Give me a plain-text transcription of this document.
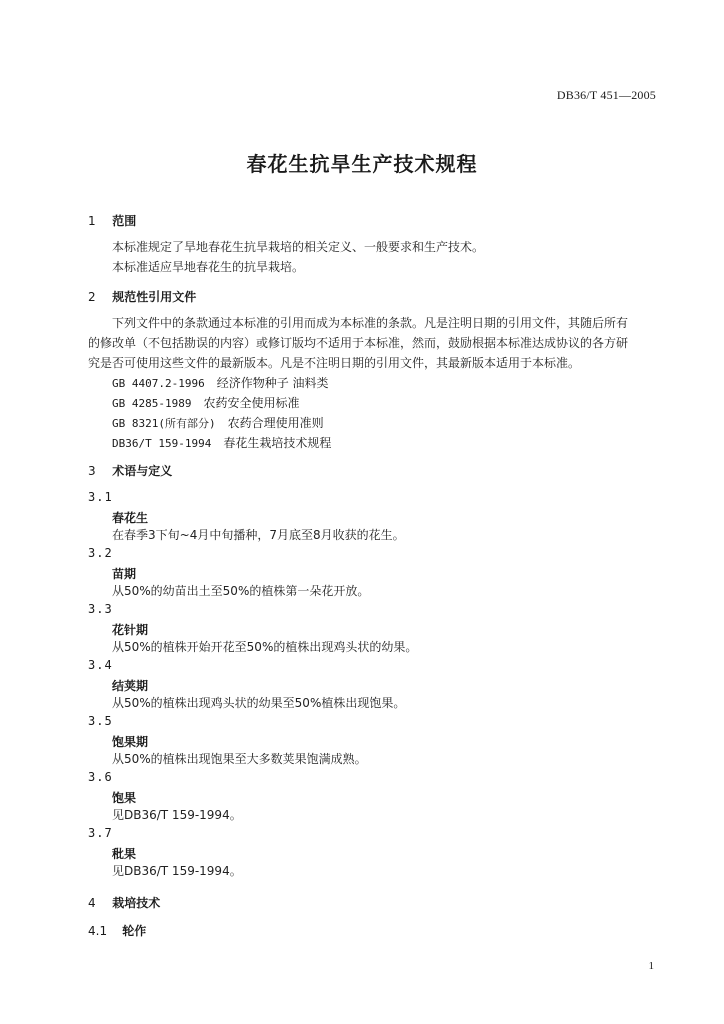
DB36/T 451—2005
春花生抗旱生产技术规程
1 范围
本标准规定了旱地春花生抗旱栽培的相关定义、一般要求和生产技术。
本标准适应旱地春花生的抗旱栽培。
2 规范性引用文件
下列文件中的条款通过本标准的引用而成为本标准的条款。凡是注明日期的引用文件，其随后所有
的修改单（不包括勘误的内容）或修订版均不适用于本标准，然而，鼓励根据本标准达成协议的各方研
究是否可使用这些文件的最新版本。凡是不注明日期的引用文件，其最新版本适用于本标准。
GB 4407.2-1996 经济作物种子 油料类
GB 4285-1989 农药安全使用标准
GB 8321(所有部分) 农药合理使用准则
DB36/T 159-1994 春花生栽培技术规程
3 术语与定义
3.1
春花生
在春季3下旬~4月中旬播种，7月底至8月收获的花生。
3.2
苗期
从50%的幼苗出土至50%的植株第一朵花开放。
3.3
花针期
从50%的植株开始开花至50%的植株出现鸡头状的幼果。
3.4
结荚期
从50%的植株出现鸡头状的幼果至50%植株出现饱果。
3.5
饱果期
从50%的植株出现饱果至大多数荚果饱满成熟。
3.6
饱果
见DB36/T 159-1994。
3.7
秕果
见DB36/T 159-1994。
4 栽培技术
4.1 轮作
1
